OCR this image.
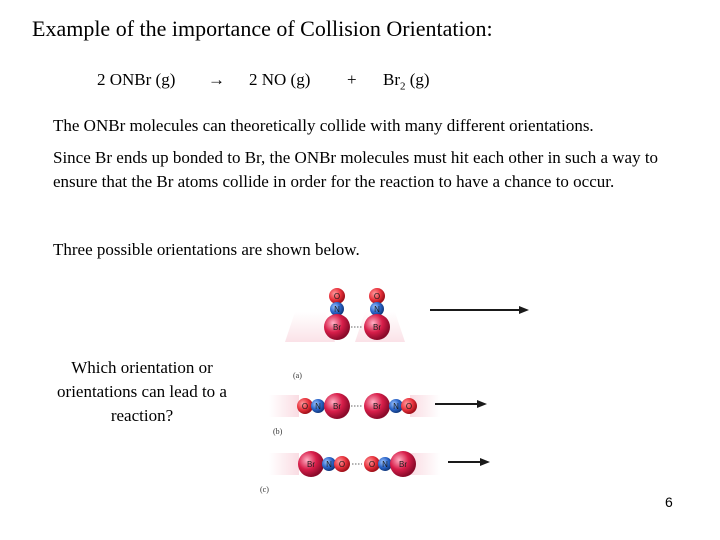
Example of the importance of Collision Orientation:
2 ONBr (g) → 2 NO $(g) + Br_2$ (g)
The ONBr molecules can theoretically collide with many different orientations.
Since Br ends up bonded to Br, the ONBr molecules must hit each other in such a way to ensure that the Br atoms collide in order for the reaction to have a chance to occur.
Three possible orientations are shown below.
O
N
Br
O
N
Br
(a)
O N Br	Br N O
(b)
Br N O	O N Br
(c)
Which orientation or orientations can lead to a reaction?
6
